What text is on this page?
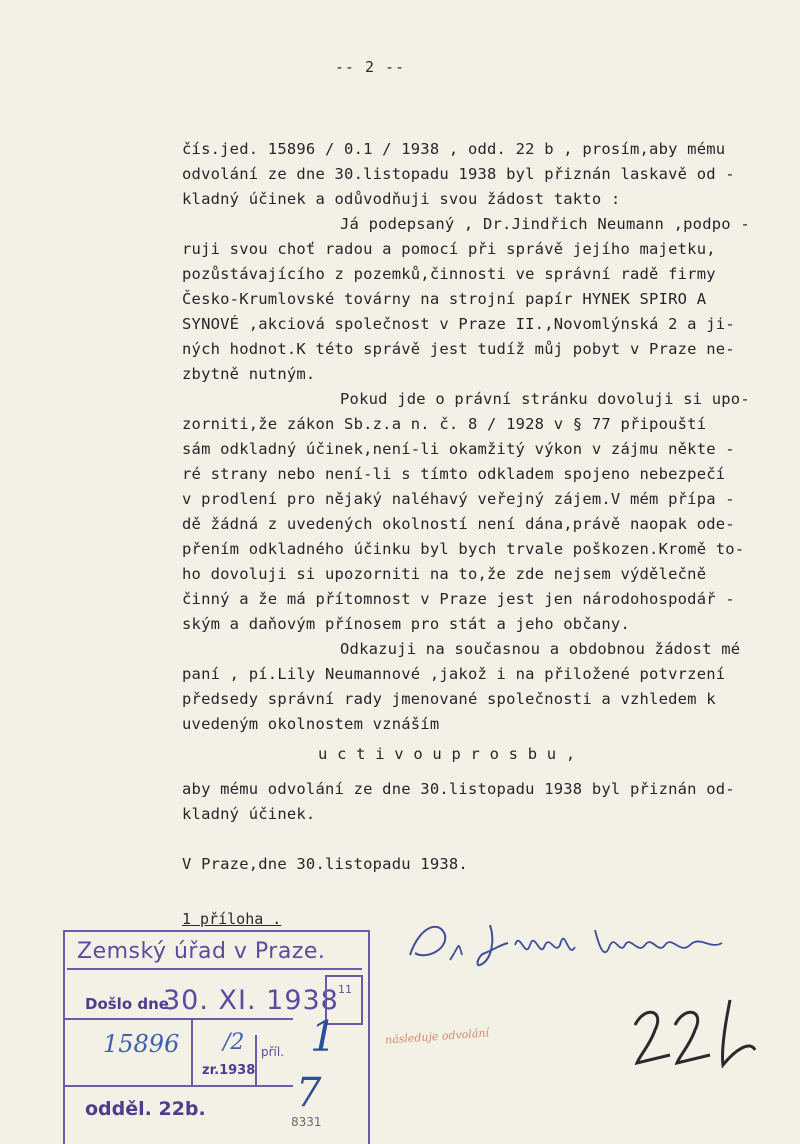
-- 2 --
čís.jed. 15896 / 0.1 / 1938 , odd. 22 b , prosím,aby mému
odvolání ze dne 30.listopadu 1938 byl přiznán laskavě od -
kladný účinek a odůvodňuji svou žádost takto :
Já podepsaný , Dr.Jindřich Neumann ,podpo -
ruji svou choť radou a pomocí při správě jejího majetku,
pozůstávajícího z pozemků,činnosti ve správní radě firmy
Česko-Krumlovské továrny na strojní papír HYNEK SPIRO A
SYNOVÉ ,akciová společnost v Praze II.,Novomlýnská 2 a ji-
ných hodnot.K této správě jest tudíž můj pobyt v Praze ne-
zbytně nutným.
Pokud jde o právní stránku dovoluji si upo-
zorniti,že zákon Sb.z.a n. č. 8 / 1928 v § 77 připouští
sám odkladný účinek,není-li okamžitý výkon v zájmu někte -
ré strany nebo není-li s tímto odkladem spojeno nebezpečí
v prodlení pro nějaký naléhavý veřejný zájem.V mém přípa -
dě žádná z uvedených okolností není dána,právě naopak ode-
přením odkladného účinku byl bych trvale poškozen.Kromě to-
ho dovoluji si upozorniti na to,že zde nejsem výdělečně
činný a že má přítomnost v Praze jest jen národohospodář -
ským a daňovým přínosem pro stát a jeho občany.
Odkazuji na současnou a obdobnou žádost mé
paní , pí.Lily Neumannové ,jakož i na přiložené potvrzení
předsedy správní rady jmenované společnosti a vzhledem k
uvedeným okolnostem vznáším
u c t i v o u p r o s b u ,
aby mému odvolání ze dne 30.listopadu 1938 byl přiznán od-
kladný účinek.
V Praze,dne 30.listopadu 1938.
1 příloha .
následuje odvolání
Zemský úřad v Praze.
Došlo dne
30. XI. 1938 11
15896 /2
zr.1938
příl. 1
odděl. 22b. 7
8331
